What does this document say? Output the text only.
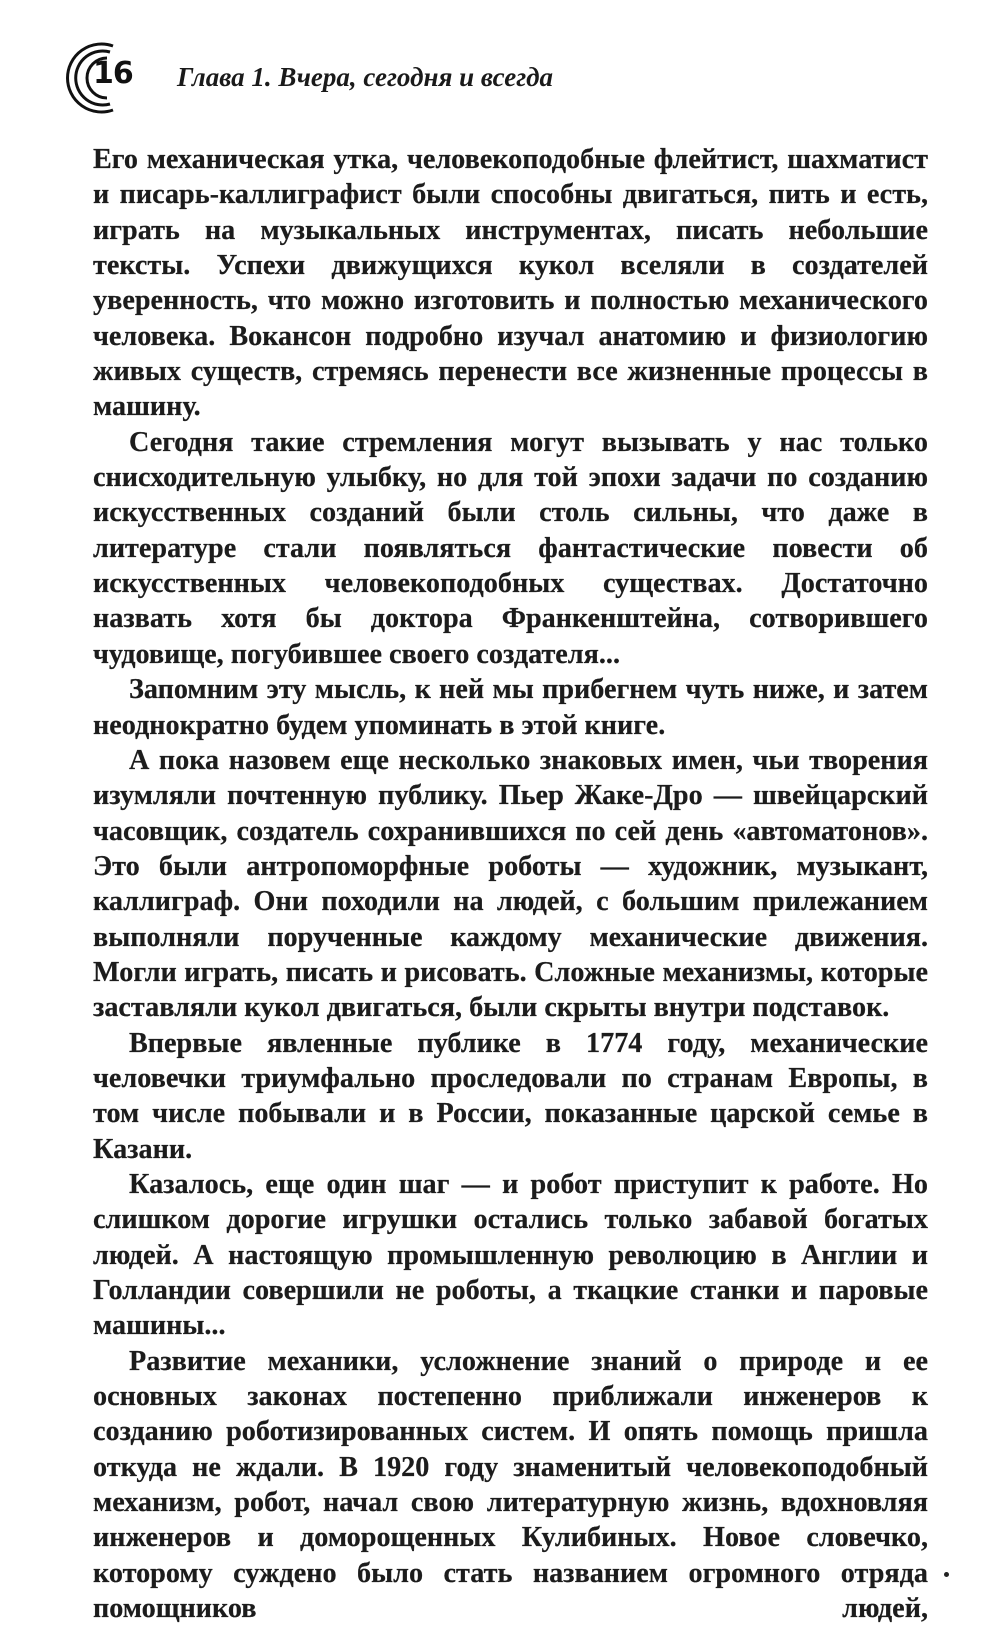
16 Глава 1. Вчера, сегодня и всегда

Его механическая утка, человекоподобные флейтист, шахматист и писарь-каллиграфист были способны двигаться, пить и есть, играть на музыкальных инструментах, писать небольшие тексты. Успехи движущихся кукол вселяли в создателей уверенность, что можно изготовить и полностью механического человека. Вокансон подробно изучал анатомию и физиологию живых существ, стремясь перенести все жизненные процессы в машину.

Сегодня такие стремления могут вызывать у нас только снисходительную улыбку, но для той эпохи задачи по созданию искусственных созданий были столь сильны, что даже в литературе стали появляться фантастические повести об искусственных человекоподобных существах. Достаточно назвать хотя бы доктора Франкенштейна, сотворившего чудовище, погубившее своего создателя...

Запомним эту мысль, к ней мы прибегнем чуть ниже, и затем неоднократно будем упоминать в этой книге.

А пока назовем еще несколько знаковых имен, чьи творения изумляли почтенную публику. Пьер Жаке-Дро — швейцарский часовщик, создатель сохранившихся по сей день «автоматонов». Это были антропоморфные роботы — художник, музыкант, каллиграф. Они походили на людей, с большим прилежанием выполняли порученные каждому механические движения. Могли играть, писать и рисовать. Сложные механизмы, которые заставляли кукол двигаться, были скрыты внутри подставок.

Впервые явленные публике в 1774 году, механические человечки триумфально проследовали по странам Европы, в том числе побывали и в России, показанные царской семье в Казани.

Казалось, еще один шаг — и робот приступит к работе. Но слишком дорогие игрушки остались только забавой богатых людей. А настоящую промышленную революцию в Англии и Голландии совершили не роботы, а ткацкие станки и паровые машины...

Развитие механики, усложнение знаний о природе и ее основных законах постепенно приближали инженеров к созданию роботизированных систем. И опять помощь пришла откуда не ждали. В 1920 году знаменитый человекоподобный механизм, робот, начал свою литературную жизнь, вдохновляя инженеров и доморощенных Кулибиных. Новое словечко, которому суждено было стать названием огромного отряда помощников людей,
